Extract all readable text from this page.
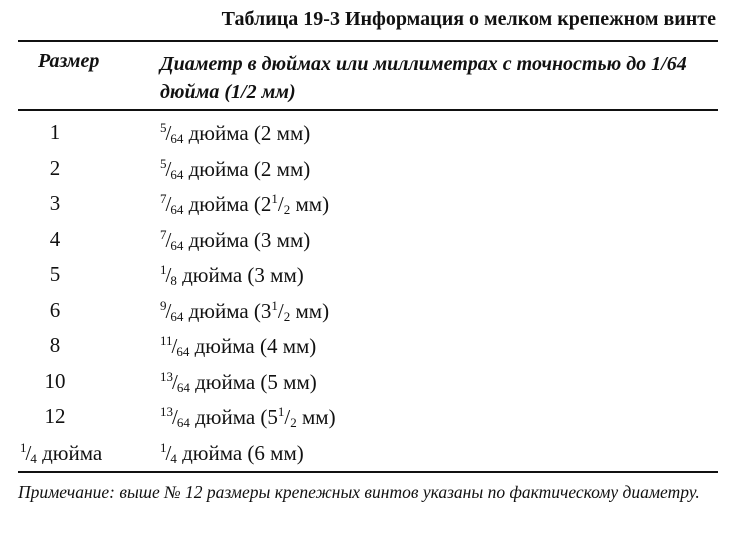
Таблица 19-3 Информация о мелком крепежном винте
Размер	Диаметр в дюймах или миллиметрах с точностью до 1/64 дюйма (1/2 мм)
1	$^5$/64 дюйма (2 мм)
2	$^5$/64 дюйма (2 мм)
3	$^7$/64 дюйма ($2^1/2$ мм)
4	$^7$/64 дюйма (3 мм)
5	$^1$/8 дюйма (3 мм)
6	$^9$/64 дюйма ($3^1/2$ мм)
8	$^{11}$/64 дюйма (4 мм)
10	$^{13}$/64 дюйма (5 мм)
12	$^{13}$/64 дюйма ($5^1/2$ мм)
$^1$/4 дюйма	$^1$/4 дюйма (6 мм)
Примечание: выше № 12 размеры крепежных винтов указаны по фактическому диаметру.
